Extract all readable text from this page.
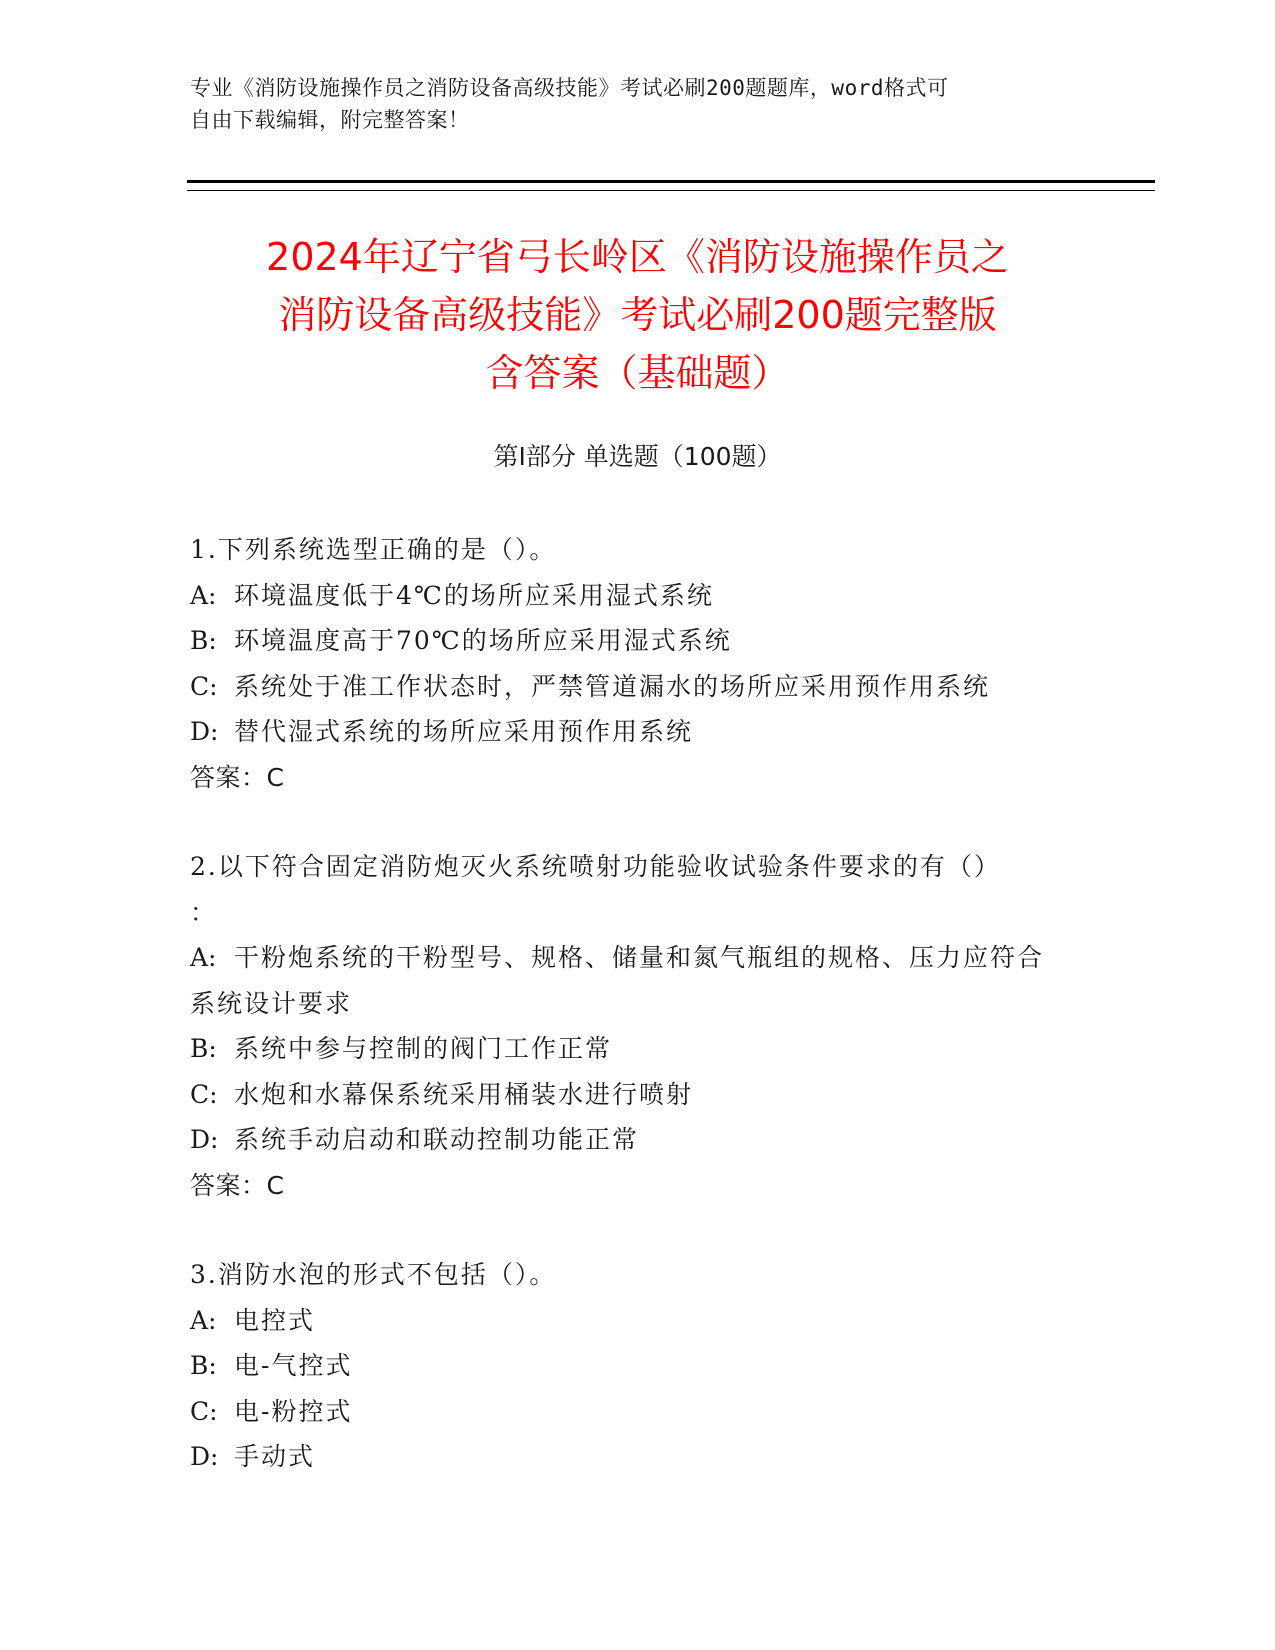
专业《消防设施操作员之消防设备高级技能》考试必刷200题题库，word格式可
自由下载编辑，附完整答案！
2024年辽宁省弓长岭区《消防设施操作员之
消防设备高级技能》考试必刷200题完整版
含答案（基础题）
第Ⅰ部分 单选题（100题）
1.下列系统选型正确的是（）。
A: 环境温度低于4℃的场所应采用湿式系统
B: 环境温度高于70℃的场所应采用湿式系统
C: 系统处于准工作状态时，严禁管道漏水的场所应采用预作用系统
D: 替代湿式系统的场所应采用预作用系统
答案：C
2.以下符合固定消防炮灭火系统喷射功能验收试验条件要求的有（）
：
A: 干粉炮系统的干粉型号、规格、储量和氮气瓶组的规格、压力应符合系统设计要求
B: 系统中参与控制的阀门工作正常
C: 水炮和水幕保系统采用桶装水进行喷射
D: 系统手动启动和联动控制功能正常
答案：C
3.消防水泡的形式不包括（）。
A: 电控式
B: 电-气控式
C: 电-粉控式
D: 手动式
